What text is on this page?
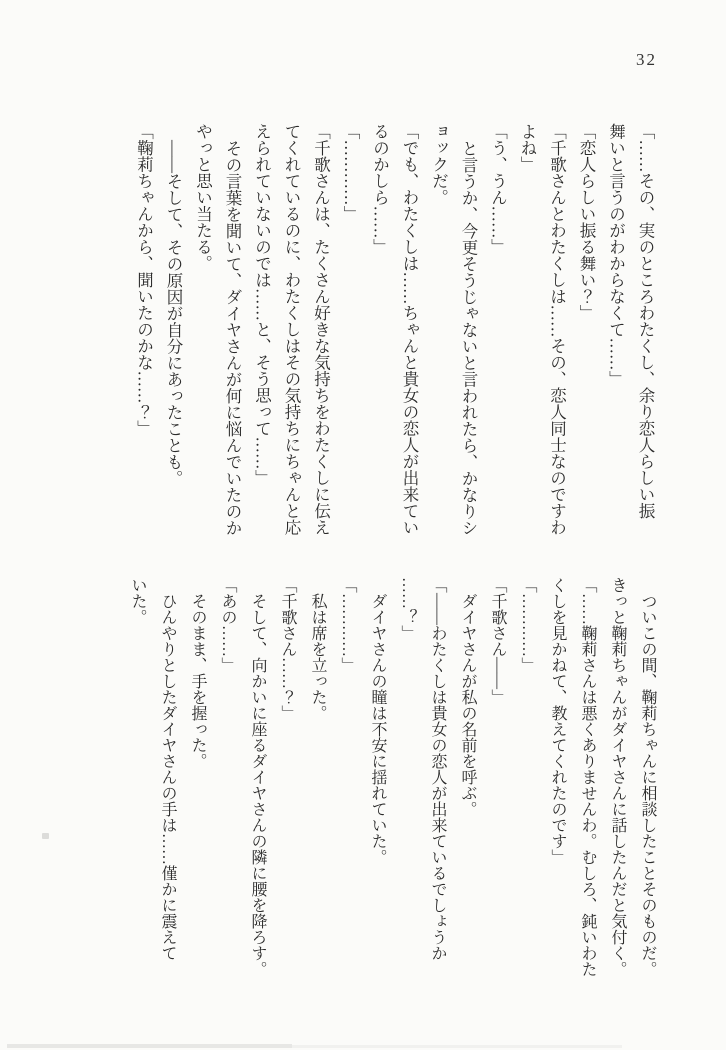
32
「……その、実のところわたくし、余り恋人らしい振
舞いと言うのがわからなくて……」
「恋人らしい振る舞い？」
「千歌さんとわたくしは……その、恋人同士なのですわ
よね」
「う、うん……」
と言うか、今更そうじゃないと言われたら、かなりシ
ョックだ。
「でも、わたくしは……ちゃんと貴女の恋人が出来てい
るのかしら……」
「…………」
「千歌さんは、たくさん好きな気持ちをわたくしに伝え
てくれているのに、わたくしはその気持ちにちゃんと応
えられていないのでは……と、そう思って……」
その言葉を聞いて、ダイヤさんが何に悩んでいたのか
やっと思い当たる。
――そして、その原因が自分にあったことも。
「鞠莉ちゃんから、聞いたのかな……？」
ついこの間、鞠莉ちゃんに相談したことそのものだ。
きっと鞠莉ちゃんがダイヤさんに話したんだと気付く。
「……鞠莉さんは悪くありませんわ。むしろ、鈍いわた
くしを見かねて、教えてくれたのです」
「…………」
「千歌さん――」
ダイヤさんが私の名前を呼ぶ。
「――わたくしは貴女の恋人が出来ているでしょうか
……？」
ダイヤさんの瞳は不安に揺れていた。
「…………」
私は席を立った。
「千歌さん……？」
そして、向かいに座るダイヤさんの隣に腰を降ろす。
「あの……」
そのまま、手を握った。
ひんやりとしたダイヤさんの手は……僅かに震えて
いた。
